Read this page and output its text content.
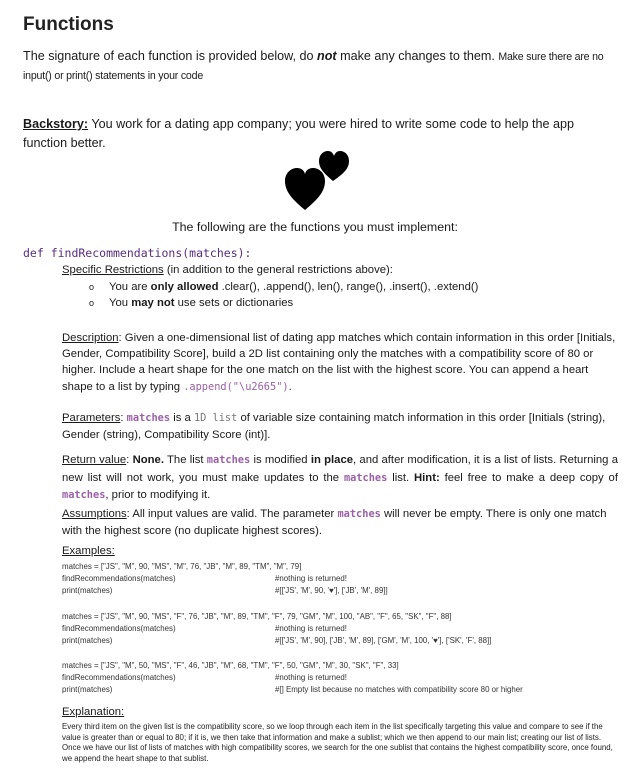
Functions

The signature of each function is provided below, do not make any changes to them. Make sure there are no input() or print() statements in your code

Backstory: You work for a dating app company; you were hired to write some code to help the app function better.

The following are the functions you must implement:

def findRecommendations(matches):

Specific Restrictions (in addition to the general restrictions above):

o You are only allowed .clear(), .append(), len(), range(), .insert(), .extend()

o You may not use sets or dictionaries

Description: Given a one-dimensional list of dating app matches which contain information in this order [Initials, Gender, Compatibility Score], build a 2D list containing only the matches with a compatibility score of 80 or higher. Include a heart shape for the one match on the list with the highest score. You can append a heart shape to a list by typing .append("\u2665").

Parameters: matches is a 1D list of variable size containing match information in this order [Initials (string), Gender (string), Compatibility Score (int)].

Return value: None. The list matches is modified in place, and after modification, it is a list of lists. Returning a new list will not work, you must make updates to the matches list. Hint: feel free to make a deep copy of matches, prior to modifying it.

Assumptions: All input values are valid. The parameter matches will never be empty. There is only one match with the highest score (no duplicate highest scores).

Examples:

matches = ["JS", "M", 90, "MS", "M", 76, "JB", "M", 89, "TM", "M", 79]
findRecommendations(matches)	#nothing is returned!
print(matches)	#[['JS', 'M', 90, '♥'], ['JB', 'M', 89]]
matches = ["JS", "M", 90, "MS", "F", 76, "JB", "M", 89, "TM", "F", 79, "GM", "M", 100, "AB", "F", 65, "SK", "F", 88]
findRecommendations(matches)	#nothing is returned!
print(matches)	#[['JS', 'M', 90], ['JB', 'M', 89], ['GM', 'M', 100, '♥'], ['SK', 'F', 88]]
matches = ["JS", "M", 50, "MS", "F", 46, "JB", "M", 68, "TM", "F", 50, "GM", "M", 30, "SK", "F", 33]
findRecommendations(matches)	#nothing is returned!
print(matches)	#[] Empty list because no matches with compatibility score 80 or higher

Explanation:

Every third item on the given list is the compatibility score, so we loop through each item in the list specifically targeting this value and compare to see if the value is greater than or equal to 80; if it is, we then take that information and make a sublist; which we then append to our main list; creating our list of lists. Once we have our list of lists of matches with high compatibility scores, we search for the one sublist that contains the highest compatibility score, once found, we append the heart shape to that sublist.
